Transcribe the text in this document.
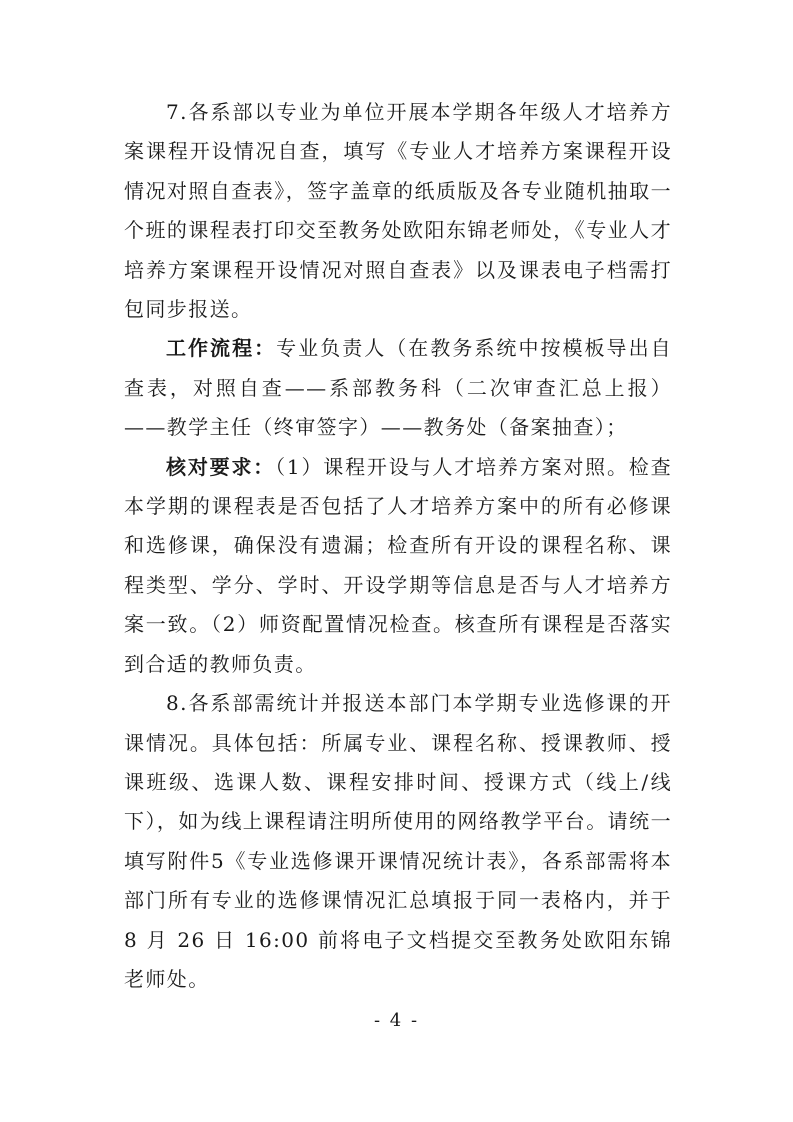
7.各系部以专业为单位开展本学期各年级人才培养方案课程开设情况自查，填写《专业人才培养方案课程开设情况对照自查表》，签字盖章的纸质版及各专业随机抽取一个班的课程表打印交至教务处欧阳东锦老师处，《专业人才培养方案课程开设情况对照自查表》以及课表电子档需打包同步报送。

工作流程：专业负责人（在教务系统中按模板导出自查表，对照自查——系部教务科（二次审查汇总上报）——教学主任（终审签字）——教务处（备案抽查）；

核对要求：（1）课程开设与人才培养方案对照。检查本学期的课程表是否包括了人才培养方案中的所有必修课和选修课，确保没有遗漏；检查所有开设的课程名称、课程类型、学分、学时、开设学期等信息是否与人才培养方案一致。（2）师资配置情况检查。核查所有课程是否落实到合适的教师负责。

8.各系部需统计并报送本部门本学期专业选修课的开课情况。具体包括：所属专业、课程名称、授课教师、授课班级、选课人数、课程安排时间、授课方式（线上/线下），如为线上课程请注明所使用的网络教学平台。请统一填写附件5《专业选修课开课情况统计表》，各系部需将本部门所有专业的选修课情况汇总填报于同一表格内，并于 8 月 26 日 16:00 前将电子文档提交至教务处欧阳东锦老师处。

- 4 -
